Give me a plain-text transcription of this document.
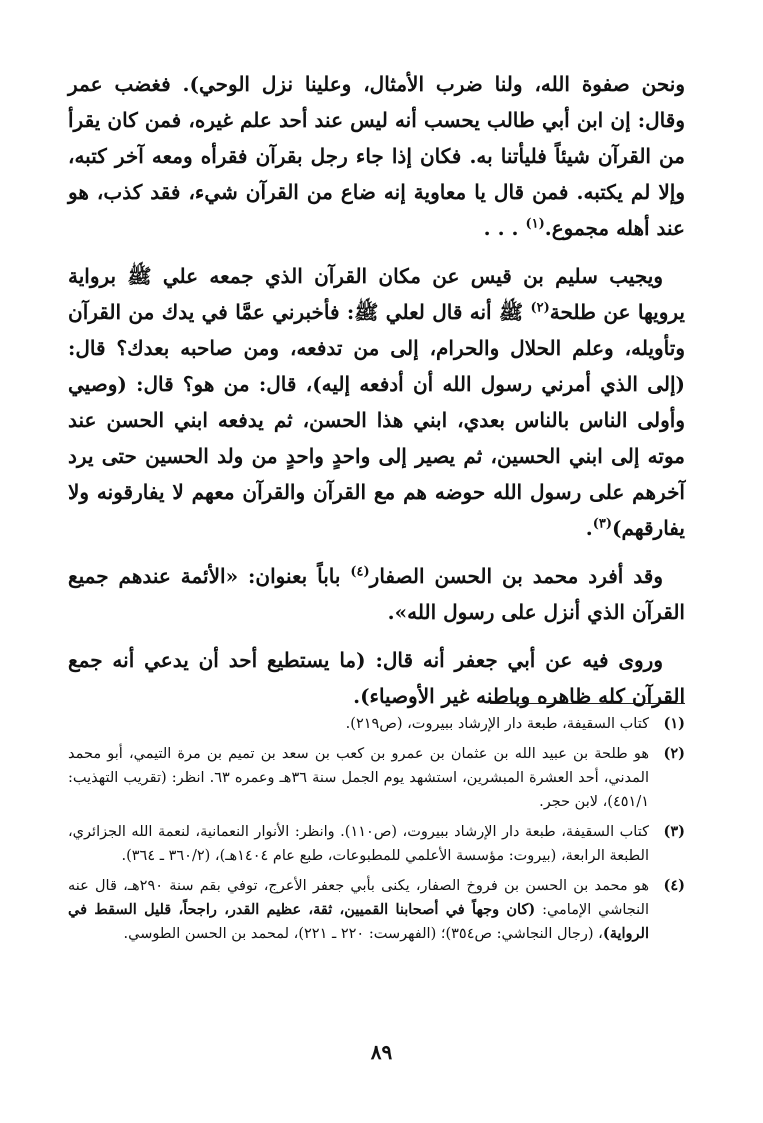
ونحن صفوة الله، ولنا ضرب الأمثال، وعلينا نزل الوحي). فغضب عمر وقال: إن ابن أبي طالب يحسب أنه ليس عند أحد علم غيره، فمن كان يقرأ من القرآن شيئاً فليأتنا به. فكان إذا جاء رجل بقرآن فقرأه ومعه آخر كتبه، وإلا لم يكتبه. فمن قال يا معاوية إنه ضاع من القرآن شيء، فقد كذب، هو عند أهله مجموع.$^{(١)}$ . . .

ويجيب سليم بن قيس عن مكان القرآن الذي جمعه علي ﷺ برواية يرويها عن طلحة$^{(٢)}$ ﷺ أنه قال لعلي ﷺ: فأخبرني عمَّا في يدك من القرآن وتأويله، وعلم الحلال والحرام، إلى من تدفعه، ومن صاحبه بعدك؟ قال: (إلى الذي أمرني رسول الله أن أدفعه إليه)، قال: من هو؟ قال: (وصيي وأولى الناس بالناس بعدي، ابني هذا الحسن، ثم يدفعه ابني الحسن عند موته إلى ابني الحسين، ثم يصير إلى واحدٍ واحدٍ من ولد الحسين حتى يرد آخرهم على رسول الله حوضه هم مع القرآن والقرآن معهم لا يفارقونه ولا يفارقهم)$^{(٣)}$.

وقد أفرد محمد بن الحسن الصفار$^{(٤)}$ باباً بعنوان: «الأئمة عندهم جميع القرآن الذي أنزل على رسول الله».

وروى فيه عن أبي جعفر أنه قال: (ما يستطيع أحد أن يدعي أنه جمع القرآن كله ظاهره وباطنه غير الأوصياء).

(١)
كتاب السقيفة، طبعة دار الإرشاد ببيروت، (ص٢١٩).
(٢)
هو طلحة بن عبيد الله بن عثمان بن عمرو بن كعب بن سعد بن تميم بن مرة التيمي، أبو محمد المدني، أحد العشرة المبشرين، استشهد يوم الجمل سنة ٣٦هـ وعمره ٦٣. انظر: (تقريب التهذيب: ٤٥١/١)، لابن حجر.
(٣)
كتاب السقيفة، طبعة دار الإرشاد ببيروت، (ص١١٠). وانظر: الأنوار النعمانية، لنعمة الله الجزائري، الطبعة الرابعة، (بيروت: مؤسسة الأعلمي للمطبوعات، طبع عام ١٤٠٤هـ)، (٣٦٠/٢ ـ ٣٦٤).
(٤)
هو محمد بن الحسن بن فروخ الصفار، يكنى بأبي جعفر الأعرج، توفي بقم سنة ٢٩٠هـ، قال عنه النجاشي الإمامي: (كان وجهاً في أصحابنا القميين، ثقة، عظيم القدر، راجحاً، قليل السقط في الرواية)، (رجال النجاشي: ص٣٥٤)؛ (الفهرست: ٢٢٠ ـ ٢٢١)، لمحمد بن الحسن الطوسي.
٨٩
